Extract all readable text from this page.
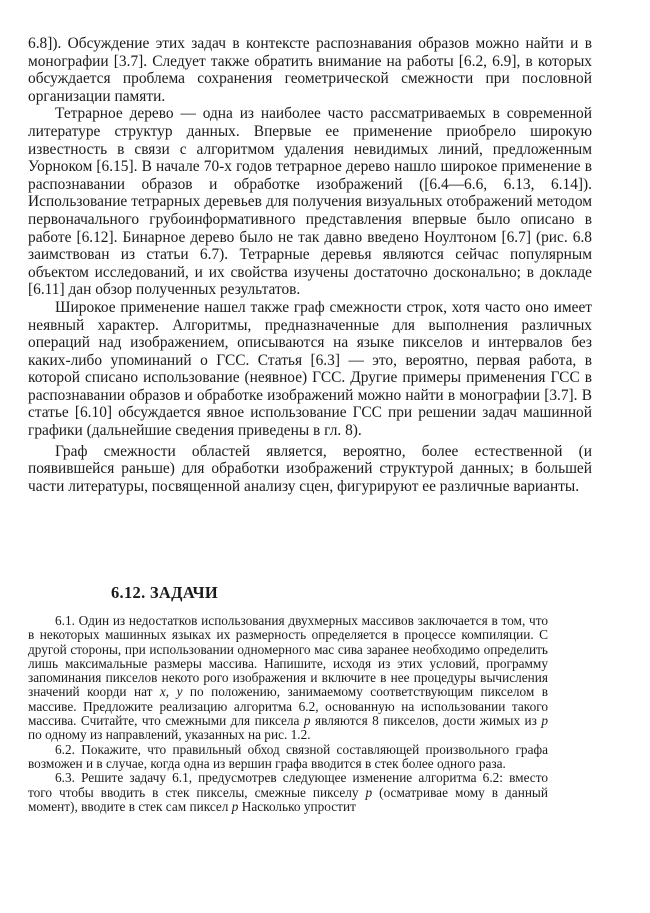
6.8]). Обсуждение этих задач в контексте распознавания образов можно найти и в монографии [3.7]. Следует также обратить внимание на работы [6.2, 6.9], в которых обсуждается проблема сохранения геометрической смежности при пословной организации памяти.

Тетрарное дерево — одна из наиболее часто рассматриваемых в современной литературе структур данных. Впервые ее применение приобрело широкую известность в связи с алгоритмом удаления невидимых линий, предложенным Уорноком [6.15]. В начале 70-х годов тетрарное дерево нашло широкое применение в распознавании образов и обработке изображений ([6.4—6.6, 6.13, 6.14]). Использование тетрарных деревьев для получения визуальных отображений методом первоначального грубоинформативного представления впервые было описано в работе [6.12]. Бинарное дерево было не так давно введено Ноултоном [6.7] (рис. 6.8 заимствован из статьи 6.7). Тетрарные деревья являются сейчас популярным объектом исследований, и их свойства изучены достаточно досконально; в докладе [6.11] дан обзор полученных результатов.

Широкое применение нашел также граф смежности строк, хотя часто оно имеет неявный характер. Алгоритмы, предназначенные для выполнения различных операций над изображением, описываются на языке пикселов и интервалов без каких-либо упоминаний о ГСС. Статья [6.3] — это, вероятно, первая работа, в которой списано использование (неявное) ГСС. Другие примеры применения ГСС в распознавании образов и обработке изображений можно найти в монографии [3.7]. В статье [6.10] обсуждается явное использование ГСС при решении задач машинной графики (дальнейшие сведения приведены в гл. 8).

Граф смежности областей является, вероятно, более естественной (и появившейся раньше) для обработки изображений структурой данных; в большей части литературы, посвященной анализу сцен, фигурируют ее различные варианты.

6.12. ЗАДАЧИ

6.1. Один из недостатков использования двухмерных массивов заключается в том, что в некоторых машинных языках их размерность определяется в процессе компиляции. С другой стороны, при использовании одномерного мас сива заранее необходимо определить лишь максимальные размеры массива. Напишите, исходя из этих условий, программу запоминания пикселов некото рого изображения и включите в нее процедуры вычисления значений коорди нат x, y по положению, занимаемому соответствующим пикселом в массиве. Предложите реализацию алгоритма 6.2, основанную на использовании такого массива. Считайте, что смежными для пиксела p являются 8 пикселов, дости жимых из p по одному из направлений, указанных на рис. 1.2.

6.2. Покажите, что правильный обход связной составляющей произвольного графа возможен и в случае, когда одна из вершин графа вводится в стек более одного раза.

6.3. Решите задачу 6.1, предусмотрев следующее изменение алгоритма 6.2: вместо того чтобы вводить в стек пикселы, смежные пикселу p (осматривае мому в данный момент), вводите в стек сам пиксел p Насколько упростит
